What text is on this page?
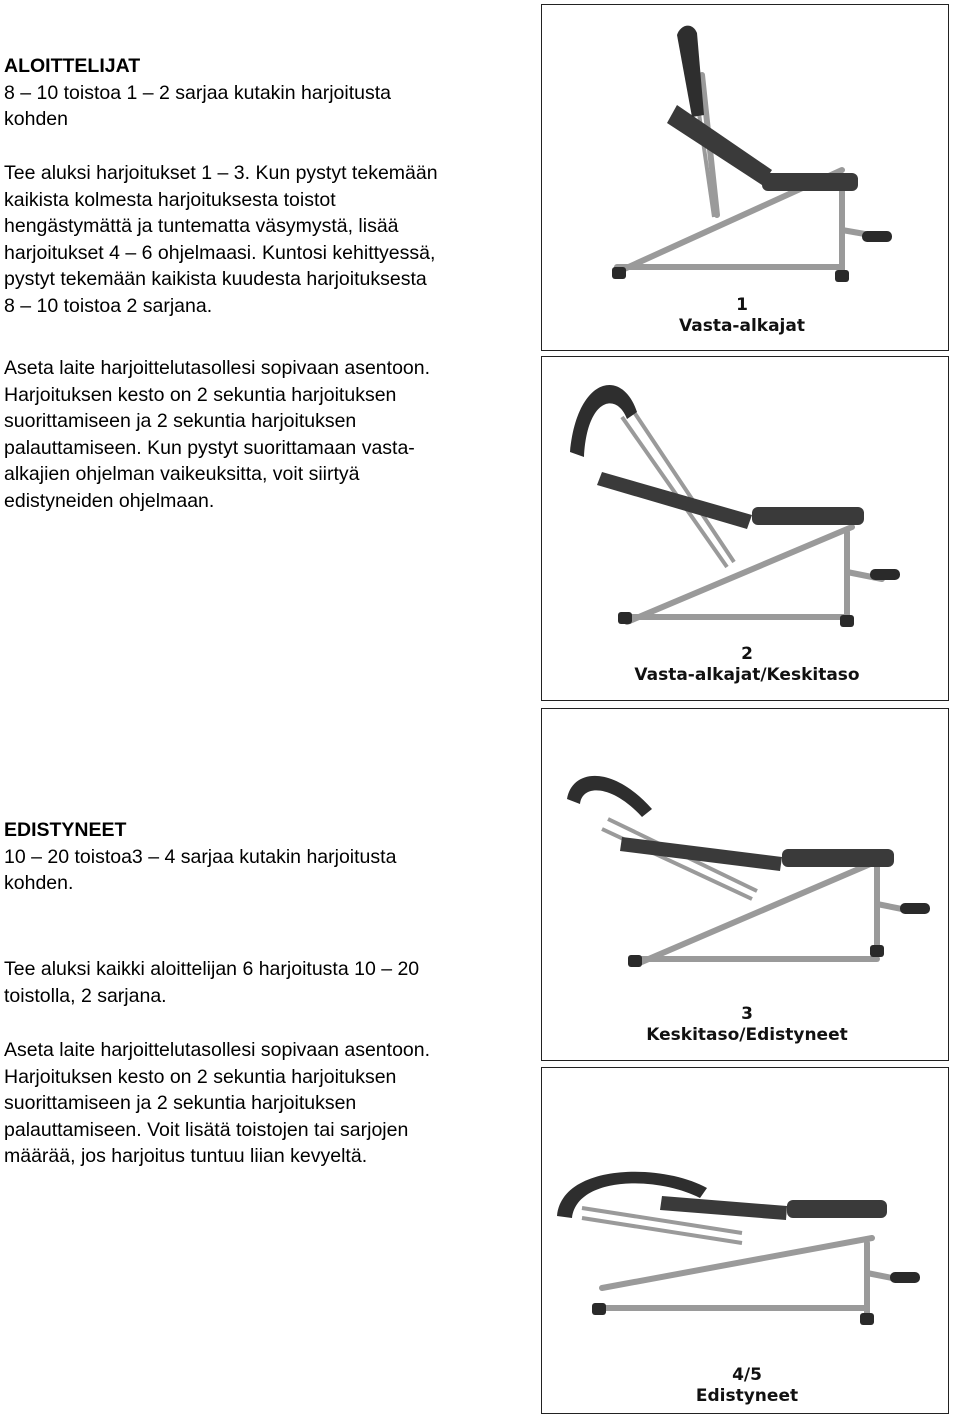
ALOITTELIJAT

8 – 10 toistoa 1 – 2 sarjaa kutakin harjoitusta

kohden

Tee aluksi harjoitukset 1 – 3. Kun pystyt tekemään

kaikista kolmesta harjoituksesta toistot

hengästymättä ja tuntematta väsymystä, lisää

harjoitukset 4 – 6 ohjelmaasi. Kuntosi kehittyessä,

pystyt tekemään kaikista kuudesta harjoituksesta

8 – 10 toistoa 2 sarjana.

Aseta laite harjoittelutasollesi sopivaan asentoon.

Harjoituksen kesto on 2 sekuntia harjoituksen

suorittamiseen ja 2 sekuntia harjoituksen

palauttamiseen. Kun pystyt suorittamaan vasta-

alkajien ohjelman vaikeuksitta, voit siirtyä

edistyneiden ohjelmaan.

EDISTYNEET

10 – 20 toistoa3 – 4 sarjaa kutakin harjoitusta

kohden.

Tee aluksi kaikki aloittelijan 6 harjoitusta 10 – 20

toistolla, 2 sarjana.

Aseta laite harjoittelutasollesi sopivaan asentoon.

Harjoituksen kesto on 2 sekuntia harjoituksen

suorittamiseen ja 2 sekuntia harjoituksen

palauttamiseen. Voit lisätä toistojen tai sarjojen

määrää, jos harjoitus tuntuu liian kevyeltä.

1
Vasta-alkajat
2
Vasta-alkajat/Keskitaso
3
Keskitaso/Edistyneet
4/5
Edistyneet
